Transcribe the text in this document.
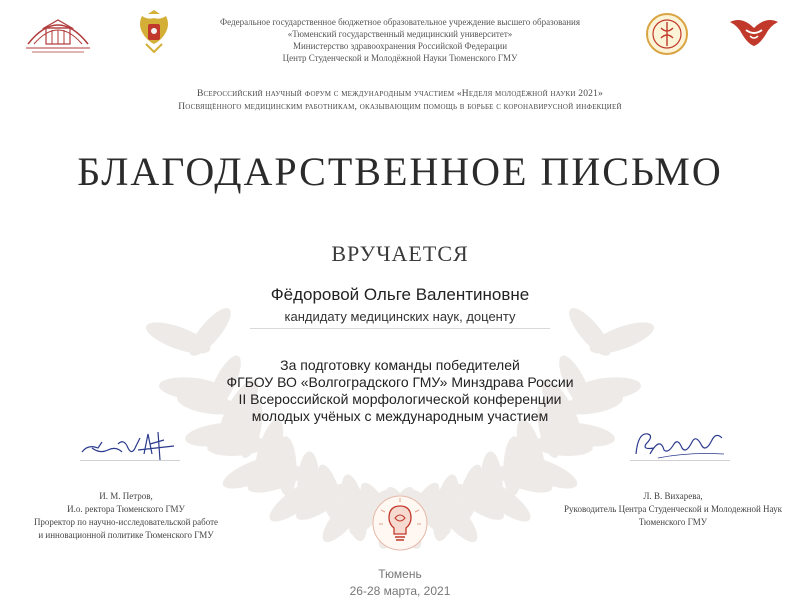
Федеральное государственное бюджетное образовательное учреждение высшего образования
«Тюменский государственный медицинский университет»
Министерство здравоохранения Российской Федерации
Центр Студенческой и Молодёжной Науки Тюменского ГМУ
Всероссийский научный форум с международным участием «Неделя молодёжной науки 2021»
Посвящённого медицинским работникам, оказывающим помощь в борьбе с коронавирусной инфекцией
БЛАГОДАРСТВЕННОЕ ПИСЬМО
ВРУЧАЕТСЯ
Фёдоровой Ольге Валентиновне
кандидату медицинских наук, доценту
За подготовку команды победителей
ФГБОУ ВО «Волгоградского ГМУ» Минздрава России
II Всероссийской морфологической конференции
молодых учёных с международным участием
И. М. Петров,
И.о. ректора Тюменского ГМУ
Проректор по научно-исследовательской работе
и инновационной политике Тюменского ГМУ
Л. В. Вихарева,
Руководитель Центра Студенческой и Молодежной Наук
Тюменского ГМУ
Тюмень
26-28 марта, 2021
